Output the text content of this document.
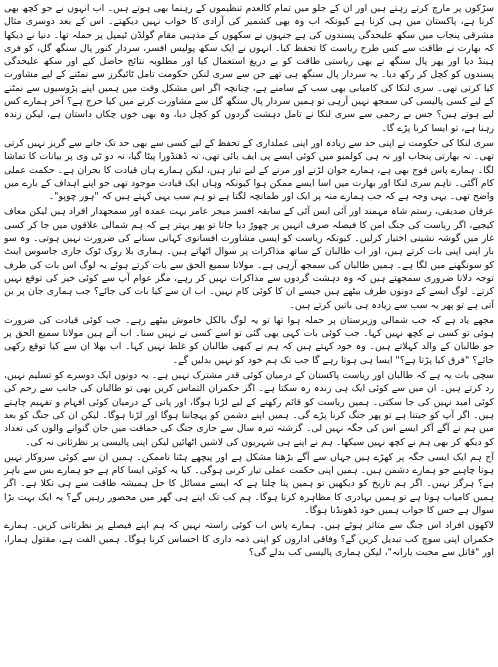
سڑکوں پر مارچ کرتے رہتے ہیں اور ان کے جلو میں تمام کالعدم تنظیموں کے رہنما بھی ہوتے ہیں۔ اب انہوں نے جو کچھ بھی کرنا ہے، پاکستان میں ہی کرنا ہے کیونکہ اب وہ بھی کشمیر کی آزادی کا خواب نہیں دیکھتے۔ اس کے بعد دوسری مثال مشرقی پنجاب میں سکھ علیحدگی پسندوں کی ہے جنہوں نے سکھوں کے مذہبی مقام گولڈن ٹیمپل پر حملہ تھا۔ دنیا نے دیکھا کہ بھارت نے طاقت سے کس طرح ریاست کا تحفظ کیا۔ انہوں نے ایک سکھ پولیس افسر، سردار کنور پال سنگھ گل، کو فری ہینڈ دیا اور پھر پال سنگھ نے بھی ریاستی طاقت کو بے دریغ استعمال کیا اور مطلوبہ نتائج حاصل کیے اور سکھ علیحدگی پسندوں کو کچل کر رکھ دیا۔ یہ سردار پال سنگھ ہی تھے جن سے سری لنکن حکومت تامل ٹائیگرز سے نمٹنے کے لیے مشاورت کیا کرتی تھی۔ سری لنکا کی کامیابی بھی سب کے سامنے ہے، چنانچہ اگر اس مشکل وقت میں ہمیں اپنے پڑوسیوں سے نمٹنے کے لیے کسی پالیسی کی سمجھ نہیں آرہی تو ہمیں سردار پال سنگھ گل سے مشاورت کرنے میں کیا حرج ہے؟ آخر ہمارے کس لیے ہوتے ہیں؟ جس بے رحمی سے سری لنکا نے تامل دہشت گردوں کو کچل دیا، وہ بھی خوں چکاں داستان ہے، لیکن زندہ رہنا ہے، تو ایسا کرنا پڑے گا۔

سری لنکا کی حکومت نے اپنی حد سے زیادہ اور اپنی عملداری کے تحفظ کے لیے کسی سے بھی حد تک جانے سے گریز نہیں کرتی تھی۔ نہ بھارتی پنجاب اور نہ ہی کولمبو میں کوئی ایسے پی ایف بائی تھی، نہ ڈھنڈورا پیٹا گیا، نہ دو ٹی وی پر بیانات کا تماشا لگا۔ ہمارے پاس فوج بھی ہے، ہمارے جوان لڑنے اور مرنے کے لیے تیار ہیں، لیکن ہمارے ہاں قیادت کا بحران ہے۔ حکمت عملی کام آگئی۔ تاہم سری لنکا اور بھارت میں اسا ایسے ممکن ہوا کیونکہ وہاں ایک قیادت موجود تھی جو اپنے اہداف کے بارے میں واضح تھی۔ یہی وجہ ہے کہ جب ہمارے منہ پر ایک اور طمانچہ لگتا ہے تو ہم سب یہی کہتے ہیں کہ "ہور چوپو"۔

عرفان صدیقی، رستم شاہ مہمند اور آئی ایس آئی کے سابقہ افسر میجر عامر بہت عمدہ اور سمجھدار افراد ہیں لیکن معاف کیجیے، اگر ریاست کی جنگ امن کا فیصلہ صرف انہیں پر چھوڑ دیا جاتا تو پھر بہتر ہے کہ ہم شمالی علاقوں میں جا کر کسی غار میں گوشہ نشینی اختیار کرلیں۔ کیونکہ ریاست کو ایسی مشاورت افسانوی کہانی سنانے کی ضرورت نہیں ہوتی۔ وہ سو بار اپنی اپنی بات کرتے ہیں، اور اب طالبان کے ساتھ مذاکرات پر سوال اٹھاتے ہیں۔ ہماری بلا روک ٹوک جاری جاسوس اینٹ کو سونگھنے میں لگا ہے۔ ہمیں طالبان کی سمجھ آرہی ہے۔ مولانا سمیع الحق سے بات کرتے ہوئے یہ لوگ اس بات کی طرف توجہ دلانا ضروری سمجھتے ہیں کہ وہ دہشت گردوں سے مذاکرات نہیں کر رہے، مگر عوام آپ سے کوئی خیر کی توقع نہیں کرتے۔ لوگ ایسے کے دونوں طرف بیٹھے ہیں جیسے ان کا کوئی کام نہیں۔ اب ان سے کیا بات کی جائے؟ جب ہماری جان پر بن آتی ہے تو پھر یہ سب سے زیادہ ہی باتیں کرتے ہیں۔

مجھے یاد ہے کہ جب شمالی وزیرستان پر حملہ ہوا تھا تو یہ لوگ بالکل خاموش بیٹھے رہے۔ جب کوئی قیادت کی ضرورت ہوئی تو کسی نے کچھ نہیں کہا۔ جب کوئی بات کہی بھی گئی تو اسے کسی نے نہیں سنا۔ اب آتے ہیں مولانا سمیع الحق پر جو طالبان کے والد کہلاتے ہیں۔ وہ خود کہتے ہیں کہ ہم نے کبھی طالبان کو غلط نہیں کہا۔ اب بھلا ان سے کیا توقع رکھی جائے؟ "فرق کیا پڑتا ہے؟" ایسا ہی ہوتا رہے گا جب تک ہم خود کو نہیں بدلیں گے۔

سچی بات یہ ہے کہ طالبان اور ریاست پاکستان کے درمیان کوئی قدر مشترک نہیں ہے۔ یہ دونوں ایک دوسرے کو تسلیم نہیں، رد کرتے ہیں۔ ان میں سے کوئی ایک ہی زندہ رہ سکتا ہے۔ اگر حکمران التماس کریں بھی تو طالبان کی جانب سے رحم کی کوئی امید نہیں کی جا سکتی۔ ہمیں ریاست کو قائم رکھنے کے لیے لڑنا ہوگا، اور پانی کے درمیان کوئی افہام و تفہیم چاہتے ہیں۔ اگر آپ کو جیتنا ہے تو پھر جنگ کرنا پڑے گی۔ ہمیں اپنے دشمن کو پہچاننا ہوگا اور لڑنا ہوگا۔ لیکن ان کی جنگ کو بعد میں ہم نے آگے آکر ایسے اس کی جگہ نہیں لی۔ گزشتہ تیرہ سال سے جاری جنگ کی حماقت میں جان گنوانے والوں کی تعداد کو دیکھ کر بھی ہم نے کچھ نہیں سیکھا۔ ہم نے اپنے ہی شہریوں کی لاشیں اٹھائیں لیکن اپنی پالیسی پر نظرثانی نہ کی۔

آج ہم ایک ایسی جگہ پر کھڑے ہیں جہاں سے آگے بڑھنا مشکل ہے اور پیچھے ہٹنا ناممکن۔ ہمیں ان سے کوئی سروکار نہیں ہونا چاہیے جو ہمارے دشمن ہیں۔ ہمیں اپنی حکمت عملی تیار کرنی ہوگی۔ کیا یہ کوئی ایسا کام ہے جو ہمارے بس سے باہر ہے؟ ہرگز نہیں۔ اگر ہم تاریخ کو دیکھیں تو ہمیں پتا چلتا ہے کہ ایسے مسائل کا حل ہمیشہ طاقت سے ہی نکلا ہے۔ اگر ہمیں کامیاب ہونا ہے تو ہمیں بہادری کا مظاہرہ کرنا ہوگا۔ ہم کب تک اپنے ہی گھر میں محصور رہیں گے؟ یہ ایک بہت بڑا سوال ہے جس کا جواب ہمیں خود ڈھونڈنا ہوگا۔

لاکھوں افراد اس جنگ سے متاثر ہوئے ہیں۔ ہمارے پاس اب کوئی راستہ نہیں کہ ہم اپنے فیصلے پر نظرثانی کریں۔ ہمارے حکمران اپنی سوچ کب تبدیل کریں گے؟ وفاقی اداروں کو اپنی ذمہ داری کا احساس کرنا ہوگا۔ ہمیں الفت ہے، مقتول ہمارا، اور "قاتل سے محبت یارانہ"، لیکن ہماری پالیسی کب بدلے گی؟
